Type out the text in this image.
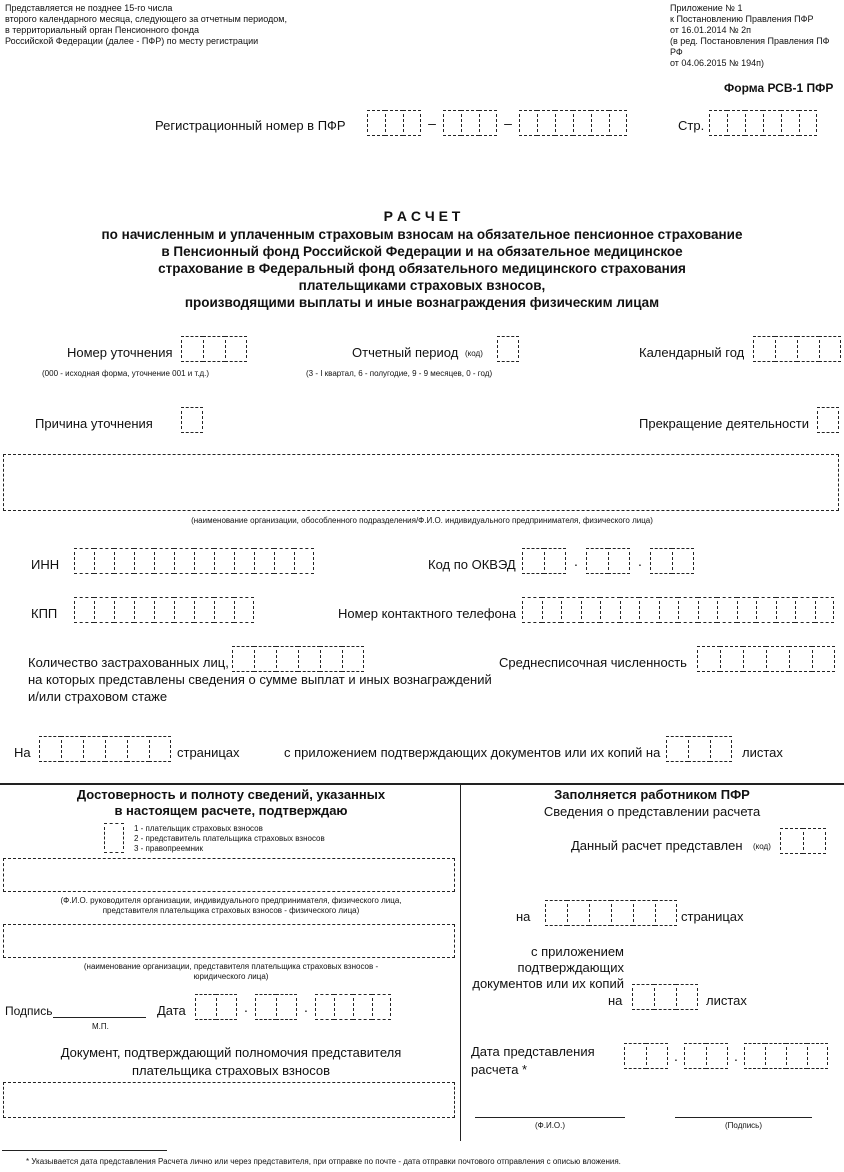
Представляется не позднее 15-го числа
второго календарного месяца, следующего за отчетным периодом,
в территориальный орган Пенсионного фонда
Российской Федерации (далее - ПФР) по месту регистрации
Приложение № 1
к Постановлению Правления ПФР
от 16.01.2014 № 2п
(в ред. Постановления Правления ПФ РФ
от 04.06.2015 № 194п)
Форма РСВ-1 ПФР
Регистрационный номер в ПФР	–	–	Стр.
Р А С Ч Е Т
по начисленным и уплаченным страховым взносам на обязательное пенсионное страхование
в Пенсионный фонд Российской Федерации и на обязательное медицинское
страхование в Федеральный фонд обязательного медицинского страхования
плательщиками страховых взносов,
производящими выплаты и иные вознаграждения физическим лицам
Номер уточнения
(000 - исходная форма, уточнение 001 и т.д.)
Отчетный период (код)
(3 - I квартал, 6 - полугодие, 9 - 9 месяцев, 0 - год)
Календарный год
Причина уточнения	Прекращение деятельности
(наименование организации, обособленного подразделения/Ф.И.О. индивидуального предпринимателя, физического лица)
ИНН	Код по ОКВЭД	.	.
КПП	Номер контактного телефона
Количество застрахованных лиц,
на которых представлены сведения о сумме выплат и иных вознаграждений
и/или страховом стаже
Среднесписочная численность
На	страницах	с приложением подтверждающих документов или их копий на	листах
Достоверность и полноту сведений, указанных
в настоящем расчете, подтверждаю
1 - плательщик страховых взносов
2 - представитель плательщика страховых взносов
3 - правопреемник
(Ф.И.О. руководителя организации, индивидуального предпринимателя, физического лица,
представителя плательщика страховых взносов - физического лица)
(наименование организации, представителя плательщика страховых взносов -
юридического лица)
Подпись
М.П.
Дата	.	.
Документ, подтверждающий полномочия представителя
плательщика страховых взносов
Заполняется работником ПФР
Сведения о представлении расчета
Данный расчет представлен (код)
на	страницах
с приложением
подтверждающих
документов или их копий
на	листах
Дата представления
расчета *
.	.
(Ф.И.О.)	(Подпись)
* Указывается дата представления Расчета лично или через представителя, при отправке по почте - дата отправки почтового отправления с описью вложения.
